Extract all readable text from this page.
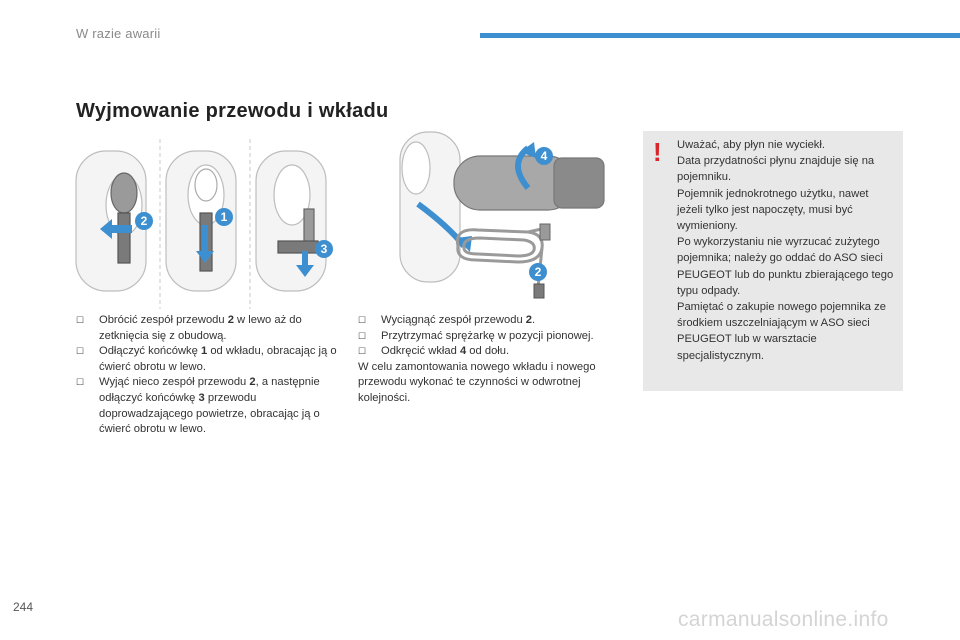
W razie awarii
Wyjmowanie przewodu i wkładu
2	1
3
4
2
☐ Obrócić zespół przewodu 2 w lewo aż do zetknięcia się z obudową.
☐ Odłączyć końcówkę 1 od wkładu, obracając ją o ćwierć obrotu w lewo.
☐ Wyjąć nieco zespół przewodu 2, a następnie odłączyć końcówkę 3 przewodu doprowadzającego powietrze, obracając ją o ćwierć obrotu w lewo.
☐ Wyciągnąć zespół przewodu 2.
☐ Przytrzymać sprężarkę w pozycji pionowej.
☐ Odkręcić wkład 4 od dołu.

W celu zamontowania nowego wkładu i nowego przewodu wykonać te czynności w odwrotnej kolejności.

! Uważać, aby płyn nie wyciekł.

Data przydatności płynu znajduje się na pojemniku.

Pojemnik jednokrotnego użytku, nawet jeżeli tylko jest napoczęty, musi być wymieniony.

Po wykorzystaniu nie wyrzucać zużytego pojemnika; należy go oddać do ASO sieci PEUGEOT lub do punktu zbierającego tego typu odpady.

Pamiętać o zakupie nowego pojemnika ze środkiem uszczelniającym w ASO sieci PEUGEOT lub w warsztacie specjalistycznym.

244
carmanualsonline.info
